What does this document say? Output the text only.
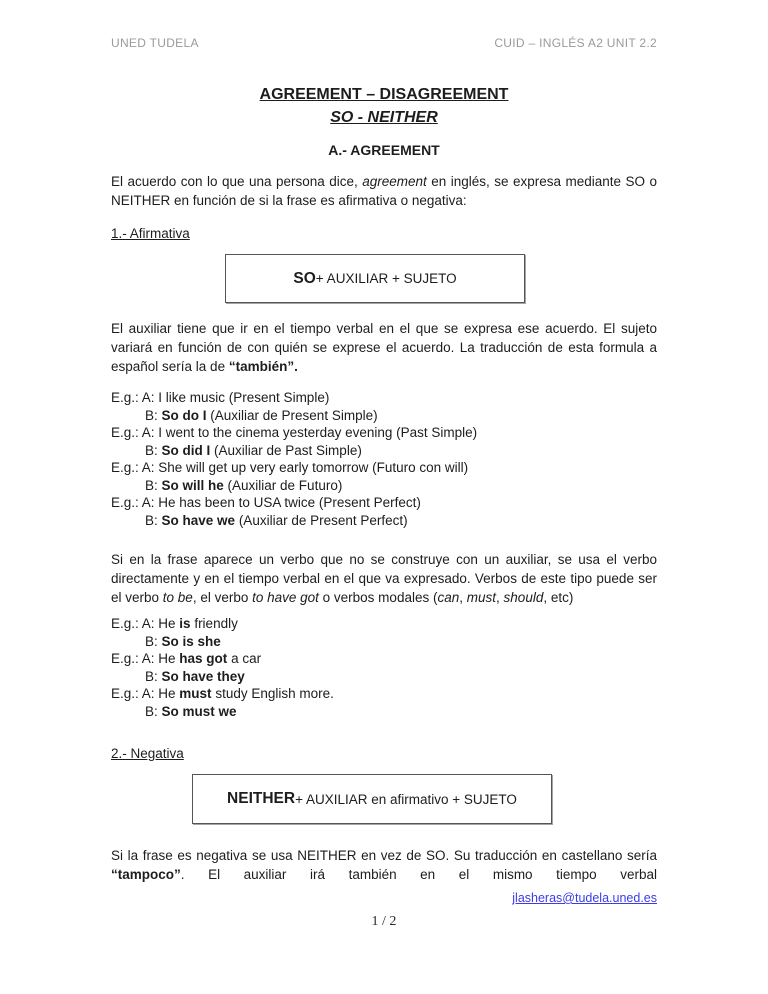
UNED TUDELA	CUID – INGLÉS A2 UNIT 2.2
AGREEMENT – DISAGREEMENT
SO - NEITHER
A.- AGREEMENT
El acuerdo con lo que una persona dice, agreement en inglés, se expresa mediante SO o NEITHER en función de si la frase es afirmativa o negativa:
1.- Afirmativa
SO + AUXILIAR + SUJETO
El auxiliar tiene que ir en el tiempo verbal en el que se expresa ese acuerdo. El sujeto variará en función de con quién se exprese el acuerdo. La traducción de esta formula a español sería la de “también”.
E.g.: A: I like music (Present Simple)
B: So do I (Auxiliar de Present Simple)
E.g.: A: I went to the cinema yesterday evening (Past Simple)
B: So did I (Auxiliar de Past Simple)
E.g.: A: She will get up very early tomorrow (Futuro con will)
B: So will he (Auxiliar de Futuro)
E.g.: A: He has been to USA twice (Present Perfect)
B: So have we (Auxiliar de Present Perfect)
Si en la frase aparece un verbo que no se construye con un auxiliar, se usa el verbo directamente y en el tiempo verbal en el que va expresado. Verbos de este tipo puede ser el verbo to be, el verbo to have got o verbos modales (can, must, should, etc)
E.g.: A: He is friendly
B: So is she
E.g.: A: He has got a car
B: So have they
E.g.: A: He must study English more.
B: So must we
2.- Negativa
NEITHER + AUXILIAR en afirmativo + SUJETO
Si la frase es negativa se usa NEITHER en vez de SO. Su traducción en castellano sería “tampoco”. El auxiliar irá también en el mismo tiempo verbal
jlasheras@tudela.uned.es
1 / 2
